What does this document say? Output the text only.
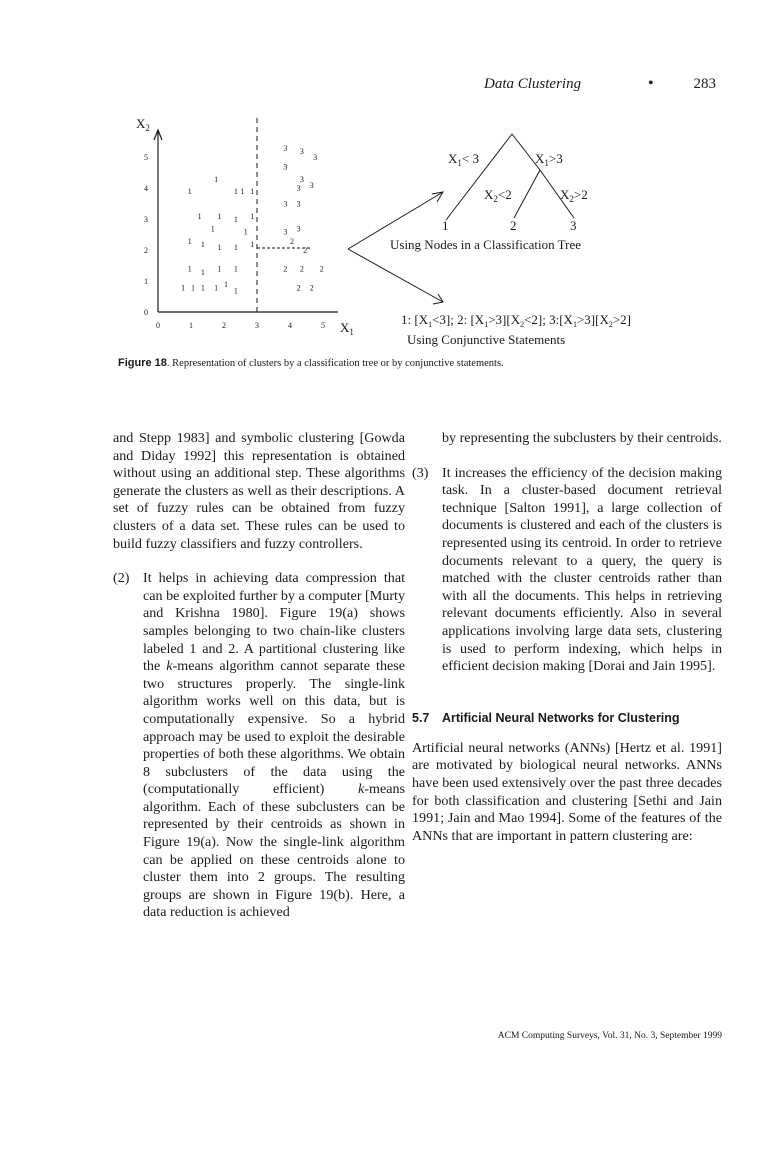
Data Clustering	•	283
$X_2$
$X_1$
0	1	2	3	4	5
0
1
2
3
4
5
1
1	1 1 1
1 1 1 1
1	1
1 1 1 1 1
1 1 1 1
1 1 1 1 1
1
3 3
3
3
3
3
3
3 3
3 3
2
2
2 2 2
2 2
$X_1< 3$	$X_1>3$
$X_2<2$	$X_2>2$
1	2	3
Using Nodes in a Classification Tree
1: $[X_1<3]$; 2: $[X_1>3][X_2<2]$; $3:[X_1>3][X_2>2]$
Using Conjunctive Statements
Figure 18. Representation of clusters by a classification tree or by conjunctive statements.

and Stepp 1983] and symbolic clustering [Gowda and Diday 1992] this representation is obtained without using an additional step. These algorithms generate the clusters as well as their descriptions. A set of fuzzy rules can be obtained from fuzzy clusters of a data set. These rules can be used to build fuzzy classifiers and fuzzy controllers.

(2) It helps in achieving data compression that can be exploited further by a computer [Murty and Krishna 1980]. Figure 19(a) shows samples belonging to two chain-like clusters labeled 1 and 2. A partitional clustering like the k-means algorithm cannot separate these two structures properly. The single-link algorithm works well on this data, but is computationally expensive. So a hybrid approach may be used to exploit the desirable properties of both these algorithms. We obtain 8 subclusters of the data using the (computationally efficient) k-means algorithm. Each of these subclusters can be represented by their centroids as shown in Figure 19(a). Now the single-link algorithm can be applied on these centroids alone to cluster them into 2 groups. The resulting groups are shown in Figure 19(b). Here, a data reduction is achieved

by representing the subclusters by their centroids.

(3) It increases the efficiency of the decision making task. In a cluster-based document retrieval technique [Salton 1991], a large collection of documents is clustered and each of the clusters is represented using its centroid. In order to retrieve documents relevant to a query, the query is matched with the cluster centroids rather than with all the documents. This helps in retrieving relevant documents efficiently. Also in several applications involving large data sets, clustering is used to perform indexing, which helps in efficient decision making [Dorai and Jain 1995].

5.7 Artificial Neural Networks for Clustering

Artificial neural networks (ANNs) [Hertz et al. 1991] are motivated by biological neural networks. ANNs have been used extensively over the past three decades for both classification and clustering [Sethi and Jain 1991; Jain and Mao 1994]. Some of the features of the ANNs that are important in pattern clustering are:

ACM Computing Surveys, Vol. 31, No. 3, September 1999
